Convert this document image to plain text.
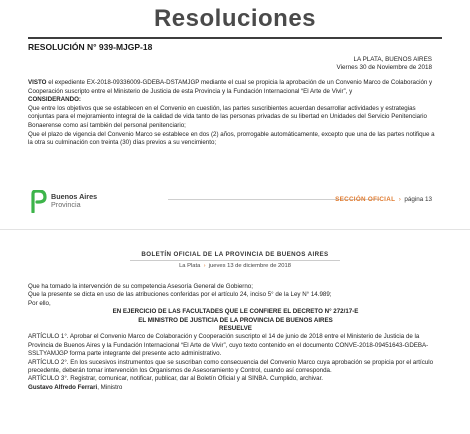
Resoluciones
RESOLUCIÓN N° 939-MJGP-18
LA PLATA, BUENOS AIRES
Viernes 30 de Noviembre de 2018

VISTO el expediente EX-2018-09336009-GDEBA-DSTAMJGP mediante el cual se propicia la aprobación de un Convenio Marco de Colaboración y Cooperación suscripto entre el Ministerio de Justicia de esta Provincia y la Fundación Internacional “El Arte de Vivir”, y

CONSIDERANDO:

Que entre los objetivos que se establecen en el Convenio en cuestión, las partes suscribientes acuerdan desarrollar actividades y estrategias conjuntas para el mejoramiento integral de la calidad de vida tanto de las personas privadas de su libertad en Unidades del Servicio Penitenciario Bonaerense como así también del personal penitenciario;

Que el plazo de vigencia del Convenio Marco se establece en dos (2) años, prorrogable automáticamente, excepto que una de las partes notifique a la otra su culminación con treinta (30) días previos a su vencimiento;

Buenos Aires
Provincia
SECCIÓN OFICIAL  ›  página 13
BOLETÍN OFICIAL DE LA PROVINCIA DE BUENOS AIRES
La Plata  ›  jueves 13 de diciembre de 2018

Que ha tomado la intervención de su competencia Asesoría General de Gobierno;

Que la presente se dicta en uso de las atribuciones conferidas por el artículo 24, inciso 5° de la Ley N° 14.989;

Por ello,

EN EJERCICIO DE LAS FACULTADES QUE LE CONFIERE EL DECRETO N° 272/17-E

EL MINISTRO DE JUSTICIA DE LA PROVINCIA DE BUENOS AIRES

RESUELVE

ARTÍCULO 1°. Aprobar el Convenio Marco de Colaboración y Cooperación suscripto el 14 de junio de 2018 entre el Ministerio de Justicia de la Provincia de Buenos Aires y la Fundación Internacional “El Arte de Vivir”, cuyo texto contenido en el documento CONVE-2018-09451643-GDEBA-SSLTYAMJGP forma parte integrante del presente acto administrativo.

ARTÍCULO 2°. En los sucesivos instrumentos que se suscriban como consecuencia del Convenio Marco cuya aprobación se propicia por el artículo precedente, deberán tomar intervención los Organismos de Asesoramiento y Control, cuando así corresponda.

ARTÍCULO 3°. Registrar, comunicar, notificar, publicar, dar al Boletín Oficial y al SINBA. Cumplido, archivar.

Gustavo Alfredo Ferrari, Ministro
